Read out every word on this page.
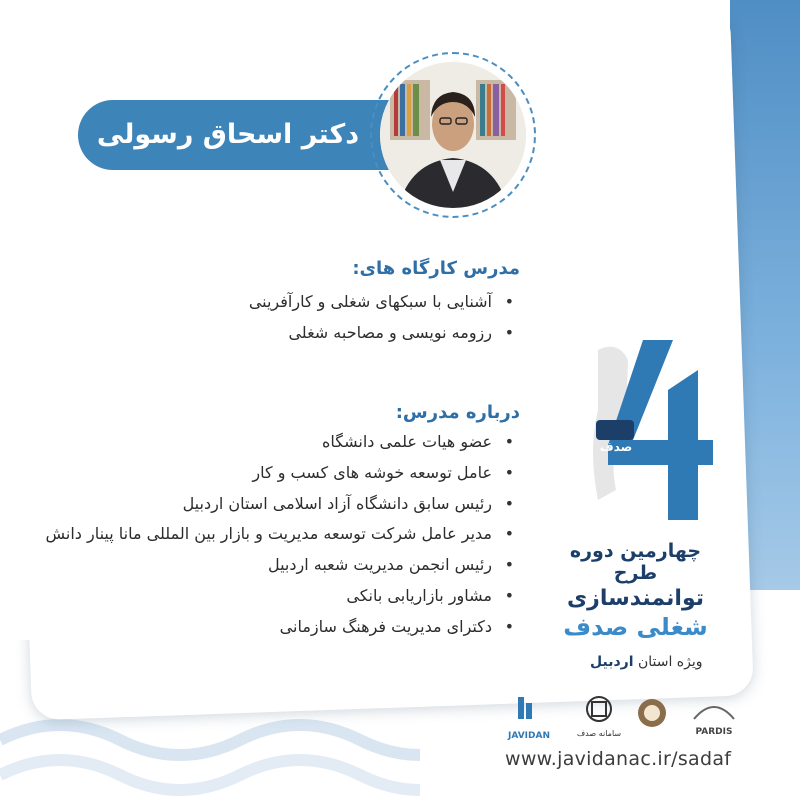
دکتر اسحاق رسولی
مدرس کارگاه های:
• آشنایی با سبکهای شغلی و کارآفرینی
• رزومه نویسی و مصاحبه شغلی
درباره مدرس:
• عضو هیات علمی دانشگاه
• عامل توسعه خوشه های کسب و کار
• رئیس سابق دانشگاه آزاد اسلامی استان اردبیل
• مدیر عامل شرکت توسعه مدیریت و بازار بین المللی مانا پینار دانش
• رئیس انجمن مدیریت شعبه اردبیل
• مشاور بازاریابی بانکی
• دکترای مدیریت فرهنگ سازمانی
صدف
چهارمین دوره طرح
توانمندسازی
شغلی صدف
ویژه استان اردبیل
JAVIDAN	سامانه صدف	PARDIS
www.javidanac.ir/sadaf
